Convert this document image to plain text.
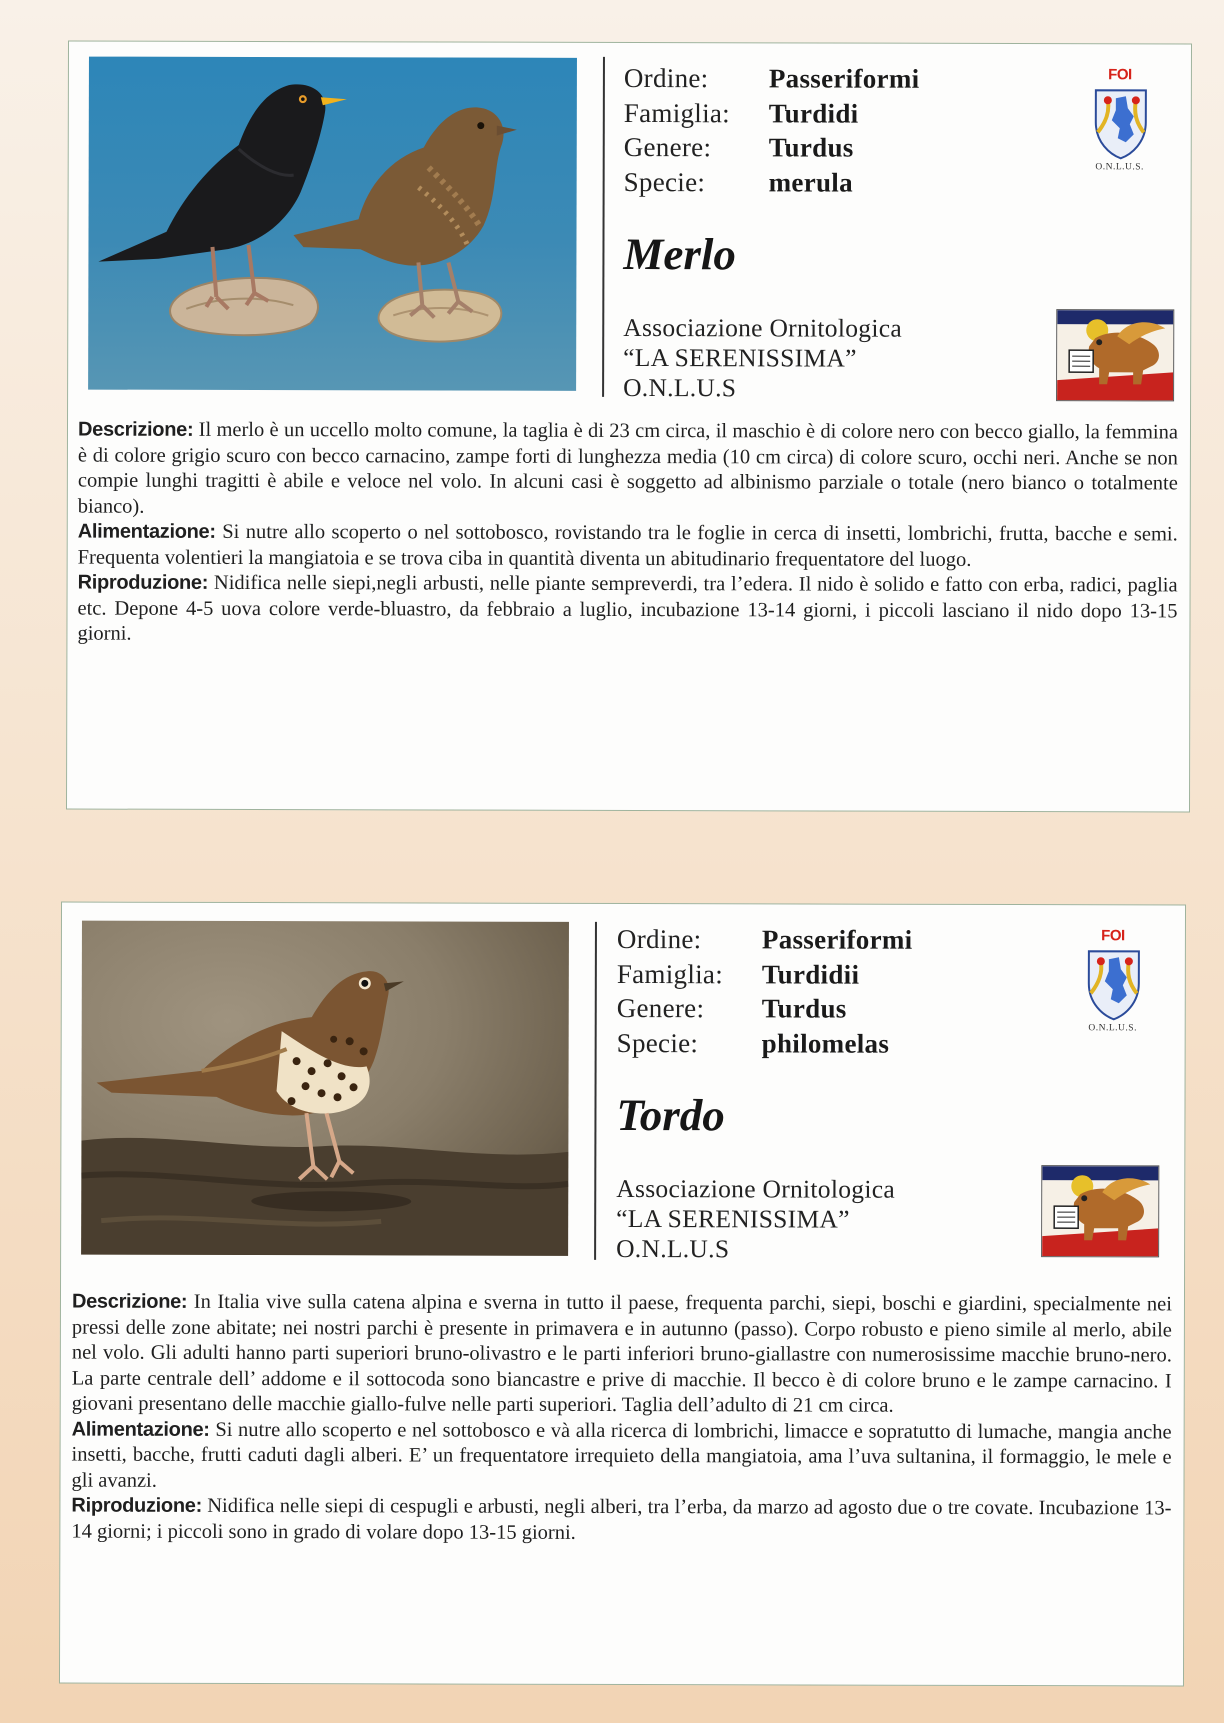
Ordine:	Passeriformi
Famiglia:	Turdidi
Genere:	Turdus
Specie:	merula
FOI
O.N.L.U.S.
Merlo
Associazione Ornitologica
“LA SERENISSIMA”
O.N.L.U.S

Descrizione: Il merlo è un uccello molto comune, la taglia è di 23 cm circa, il maschio è di colore nero con becco giallo, la femmina è di colore grigio scuro con becco carnacino, zampe forti di lunghezza media (10 cm circa) di colore scuro, occhi neri. Anche se non compie lunghi tragitti è abile e veloce nel volo. In alcuni casi è soggetto ad albinismo parziale o totale (nero bianco o totalmente bianco).

Alimentazione: Si nutre allo scoperto o nel sottobosco, rovistando tra le foglie in cerca di insetti, lombrichi, frutta, bacche e semi. Frequenta volentieri la mangiatoia e se trova ciba in quantità diventa un abitudinario frequentatore del luogo.

Riproduzione: Nidifica nelle siepi,negli arbusti, nelle piante sempreverdi, tra l’edera. Il nido è solido e fatto con erba, radici, paglia etc. Depone 4-5 uova colore verde-bluastro, da febbraio a luglio, incubazione 13-14 giorni, i piccoli lasciano il nido dopo 13-15 giorni.

Ordine:	Passeriformi
Famiglia:	Turdidii
Genere:	Turdus
Specie:	philomelas
FOI
O.N.L.U.S.
Tordo
Associazione Ornitologica
“LA SERENISSIMA”
O.N.L.U.S

Descrizione: In Italia vive sulla catena alpina e sverna in tutto il paese, frequenta parchi, siepi, boschi e giardini, specialmente nei pressi delle zone abitate; nei nostri parchi è presente in primavera e in autunno (passo). Corpo robusto e pieno simile al merlo, abile nel volo. Gli adulti hanno parti superiori bruno-olivastro e le parti inferiori bruno-giallastre con numerosissime macchie bruno-nero. La parte centrale dell’ addome e il sottocoda sono biancastre e prive di macchie. Il becco è di colore bruno e le zampe carnacino. I giovani presentano delle macchie giallo-fulve nelle parti superiori. Taglia dell’adulto di 21 cm circa.

Alimentazione: Si nutre allo scoperto e nel sottobosco e và alla ricerca di lombrichi, limacce e sopratutto di lumache, mangia anche insetti, bacche, frutti caduti dagli alberi. E’ un frequentatore irrequieto della mangiatoia, ama l’uva sultanina, il formaggio, le mele e gli avanzi.

Riproduzione: Nidifica nelle siepi di cespugli e arbusti, negli alberi, tra l’erba, da marzo ad agosto due o tre covate. Incubazione 13-14 giorni; i piccoli sono in grado di volare dopo 13-15 giorni.
